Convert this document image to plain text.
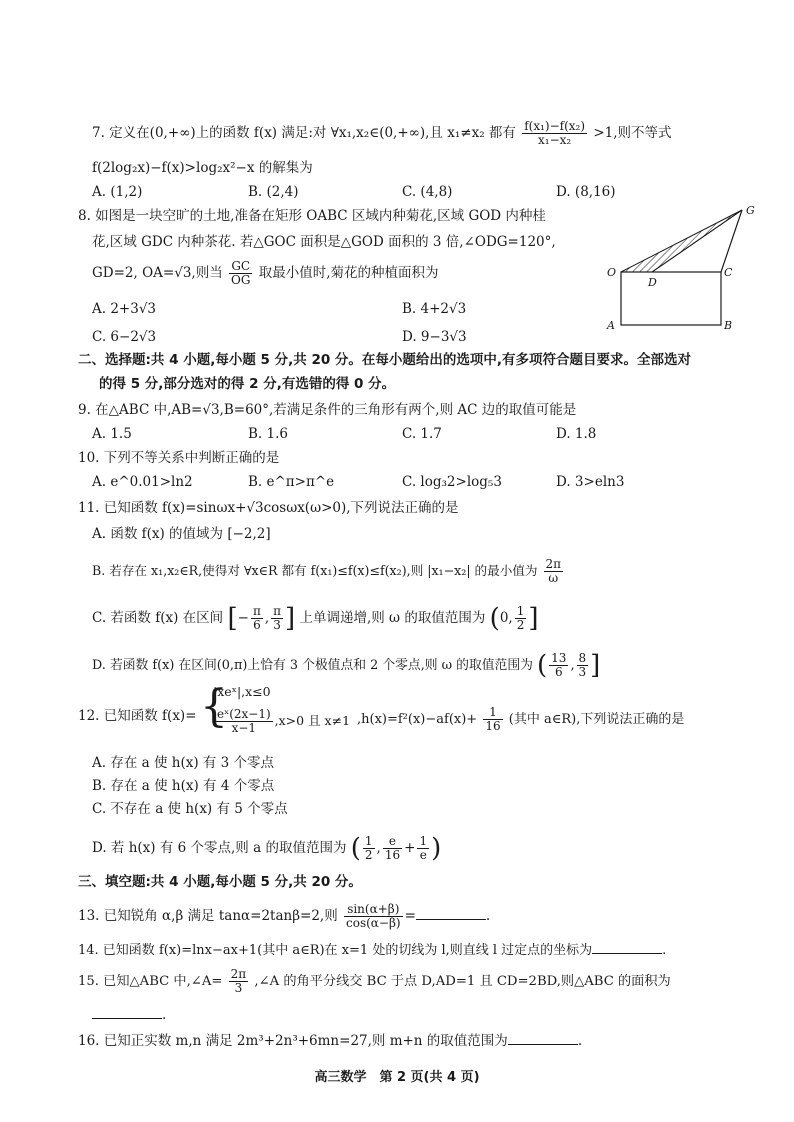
7. 定义在(0,+∞)上的函数 f(x) 满足:对 ∀x₁,x₂∈(0,+∞),且 x₁≠x₂ 都有 $\frac{\text{f(x₁)−f(x₂)}}{\text{x₁−x₂}} >1$,则不等式
f(2log₂x)−f(x)>log₂x²−x 的解集为
A. (1,2)	B. (2,4)	C. (4,8)	D. (8,16)
8. 如图是一块空旷的土地,准备在矩形 OABC 区域内种菊花,区域 GOD 内种桂
花,区域 GDC 内种茶花. 若△GOC 面积是△GOD 面积的 3 倍,∠ODG=120°,
GD=2, OA=√3,则当 $\frac{GC}{OG}$ 取最小值时,菊花的种植面积为
A. 2+3√3	B. 4+2√3
C. 6−2√3	D. 9−3√3
G
O
D
C
A	B
二、选择题:共 4 小题,每小题 5 分,共 20 分。在每小题给出的选项中,有多项符合题目要求。全部选对
的得 5 分,部分选对的得 2 分,有选错的得 0 分。
9. 在△ABC 中,AB=√3,B=60°,若满足条件的三角形有两个,则 AC 边的取值可能是
A. 1.5	B. 1.6	C. 1.7	D. 1.8
10. 下列不等关系中判断正确的是
A. e^0.01>ln2	B. e^π>π^e	C. log₃2>log₅3	D. 3>eln3
11. 已知函数 f(x)=sinωx+√3cosωx(ω>0),下列说法正确的是
A. 函数 f(x) 的值域为 [−2,2]
B. 若存在 x₁,x₂∈R,使得对 ∀x∈R 都有 f(x₁)≤f(x)≤f(x₂),则 |x₁−x₂| 的最小值为 $\frac{2\pi}{\omega}$
C. 若函数 f(x) 在区间 [− $\frac{\pi}{6}$ , $\frac{\pi}{3}$ ] 上单调递增,则 ω 的取值范围为 (0, $\frac{1}{2}$ ]
D. 若函数 f(x) 在区间(0,π)上恰有 3 个极值点和 2 个零点,则 ω 的取值范围为 ( $\frac{13}{6}$ , $\frac{8}{3}$ ]
12. 已知函数 f(x)= {
|xeˣ|,x≤0
$\frac{\text{eˣ(2x−1)}}{x-1} ,x>0$ 且 x≠1 $,h(x)=f^2(x)-af(x)+ \frac{1}{16}$ (其中 a∈R),下列说法正确的是
A. 存在 a 使 h(x) 有 3 个零点
B. 存在 a 使 h(x) 有 4 个零点
C. 不存在 a 使 h(x) 有 5 个零点
D. 若 h(x) 有 6 个零点,则 a 的取值范围为 ( $\frac{1}{2}$ , $\frac{e}{16} + \frac{1}{e}$ )
三、填空题:共 4 小题,每小题 5 分,共 20 分。
13. 已知锐角 α,β 满足 tanα=2tanβ=2,则 $\frac{\sin(\alpha+\beta)}{\cos(\alpha-\beta)}$ =	.
14. 已知函数 f(x)=lnx−ax+1(其中 a∈R)在 x=1 处的切线为 l,则直线 l 过定点的坐标为	.
15. 已知△ABC 中,∠A= $\frac{2\pi}{3}$ ,∠A 的角平分线交 BC 于点 D,AD=1 且 CD=2BD,则△ABC 的面积为
.
16. 已知正实数 m,n 满足 2m³+2n³+6mn=27,则 m+n 的取值范围为	.
高三数学　第 2 页(共 4 页)
